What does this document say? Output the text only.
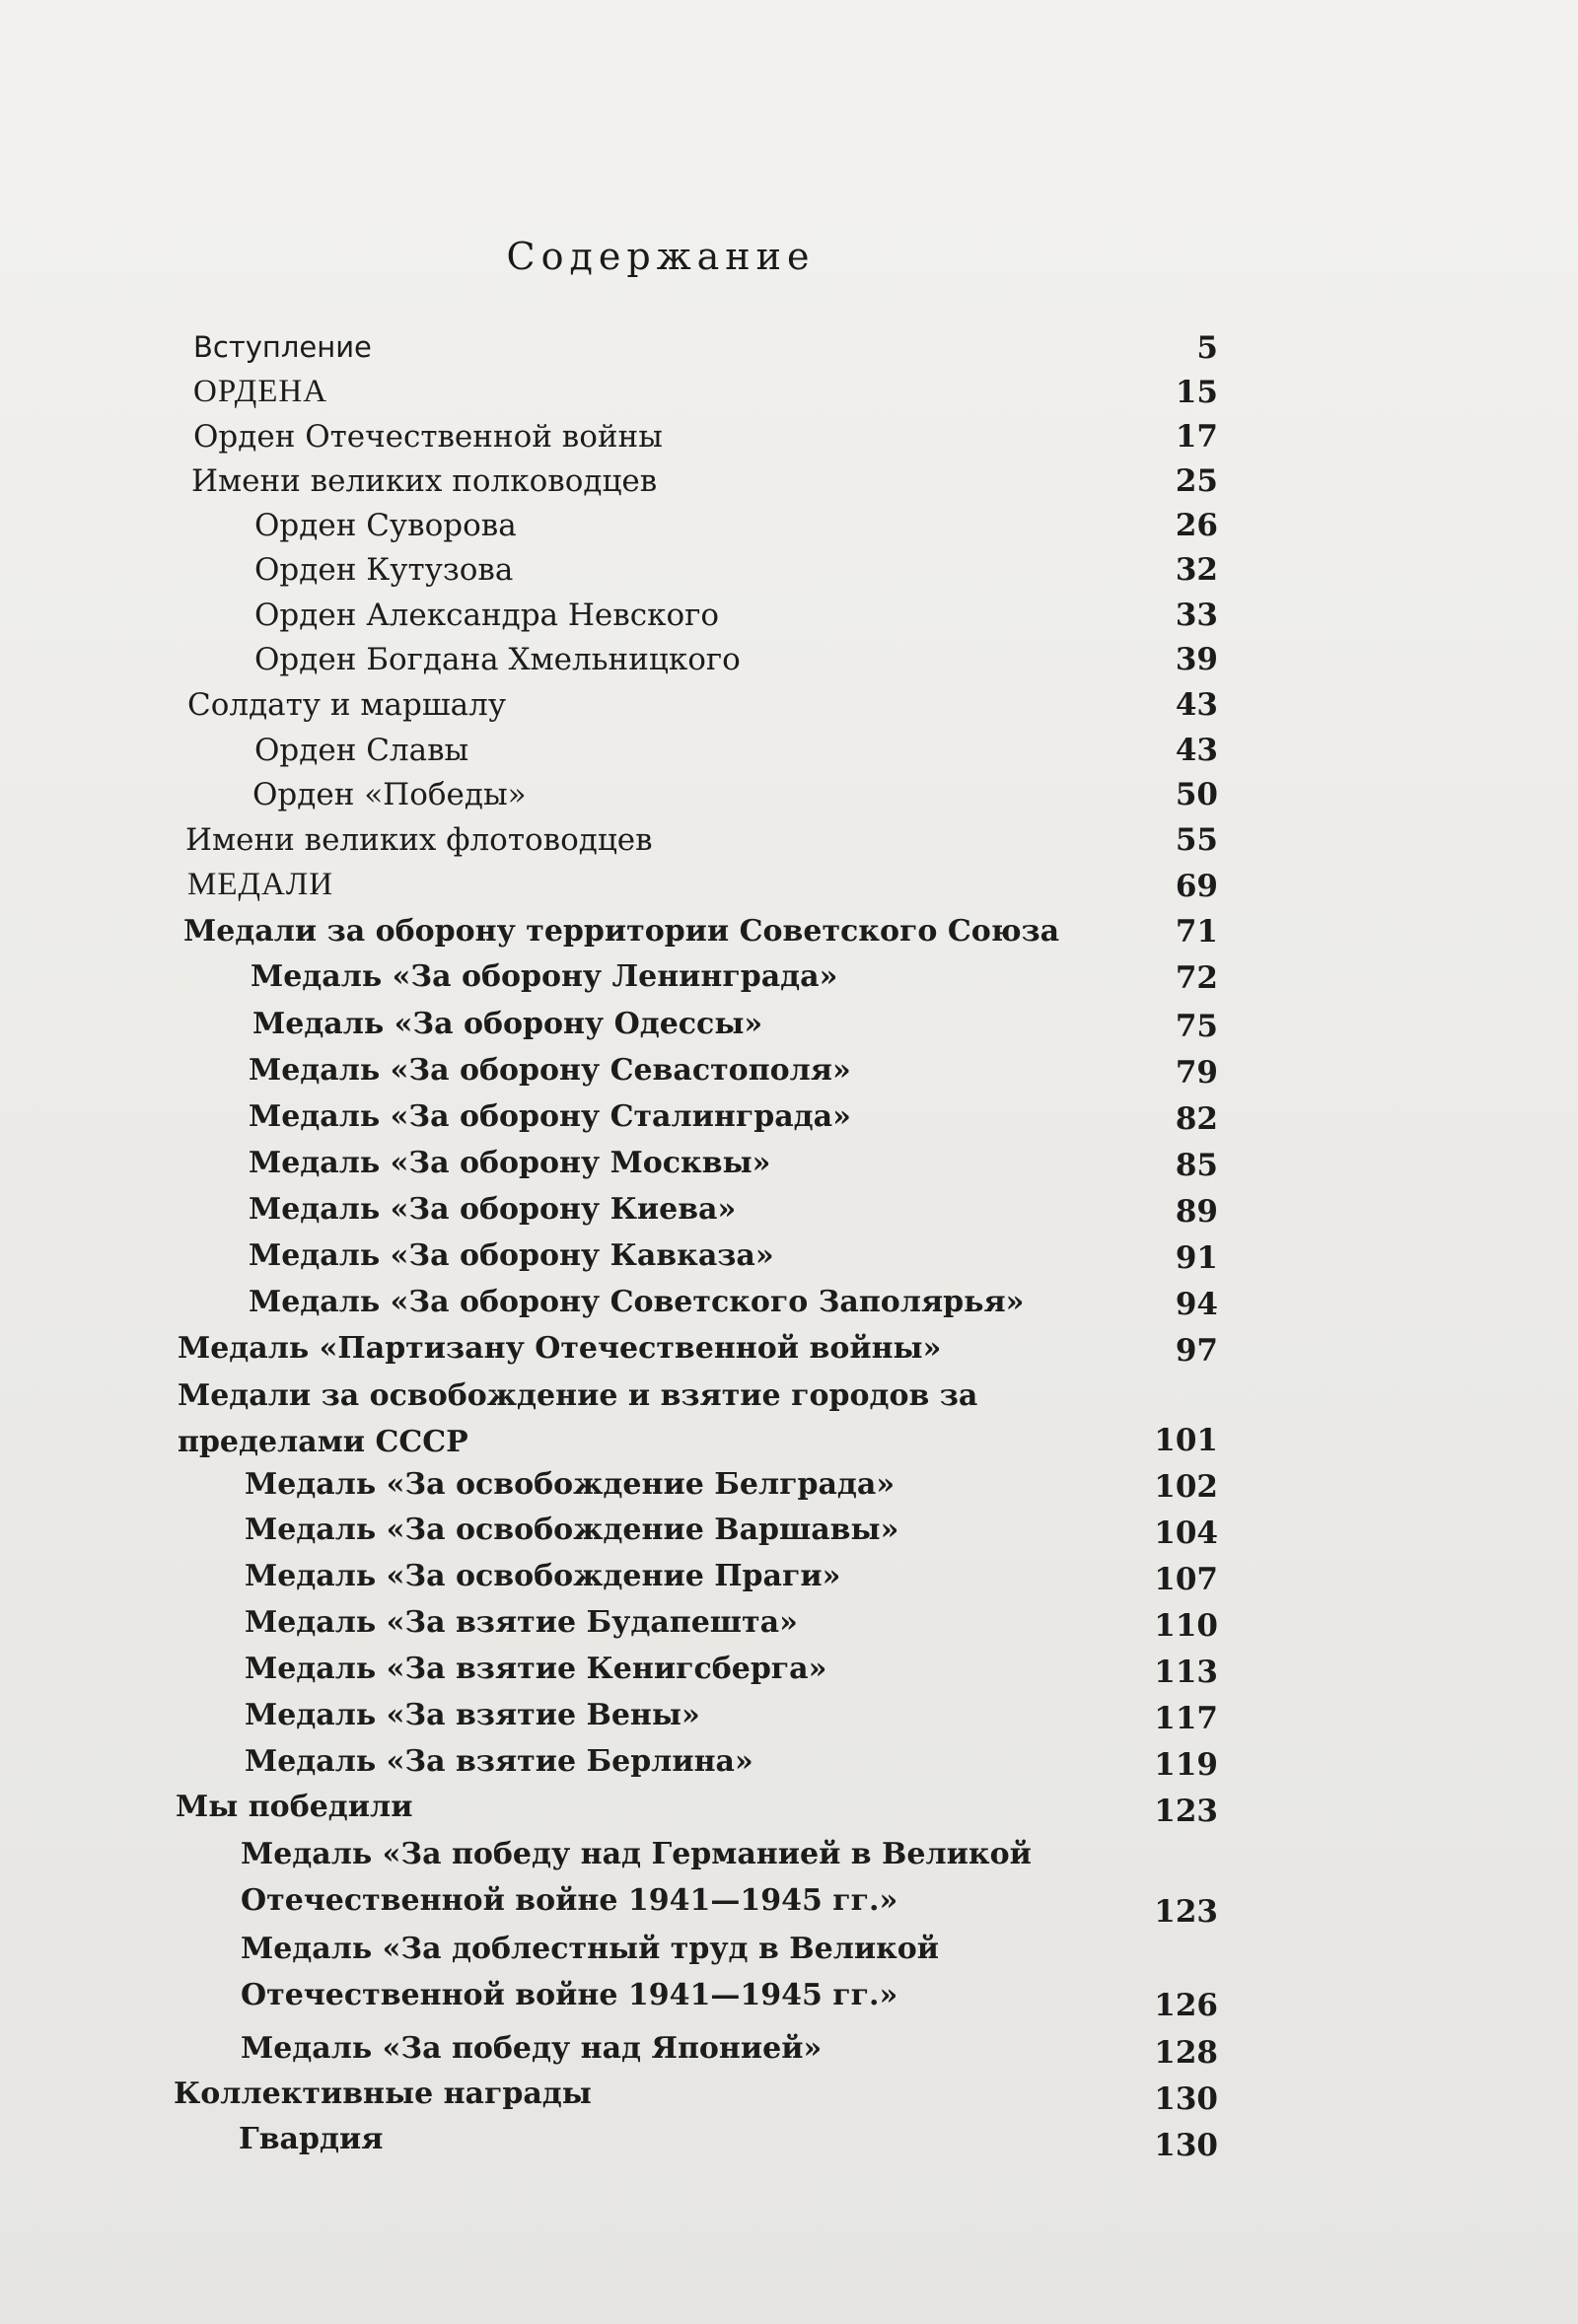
Содержание
Вступление	5
ОРДЕНА	15
Орден Отечественной войны	17
Имени великих полководцев	25
Орден Суворова	26
Орден Кутузова	32
Орден Александра Невского	33
Орден Богдана Хмельницкого	39
Солдату и маршалу	43
Орден Славы	43
Орден «Победы»	50
Имени великих флотоводцев	55
МЕДАЛИ	69
Медали за оборону территории Советского Союза	71
Медаль «За оборону Ленинграда»	72
Медаль «За оборону Одессы»	75
Медаль «За оборону Севастополя»	79
Медаль «За оборону Сталинграда»	82
Медаль «За оборону Москвы»	85
Медаль «За оборону Киева»	89
Медаль «За оборону Кавказа»	91
Медаль «За оборону Советского Заполярья»	94
Медаль «Партизану Отечественной войны»	97
Медали за освобождение и взятие городов за пределами СССР	101
Медаль «За освобождение Белграда»	102
Медаль «За освобождение Варшавы»	104
Медаль «За освобождение Праги»	107
Медаль «За взятие Будапешта»	110
Медаль «За взятие Кенигсберга»	113
Медаль «За взятие Вены»	117
Медаль «За взятие Берлина»	119
Мы победили	123
Медаль «За победу над Германией в Великой Отечественной войне 1941—1945 гг.»	123
Медаль «За доблестный труд в Великой Отечественной войне 1941—1945 гг.»	126
Медаль «За победу над Японией»	128
Коллективные награды	130
Гвардия	130
